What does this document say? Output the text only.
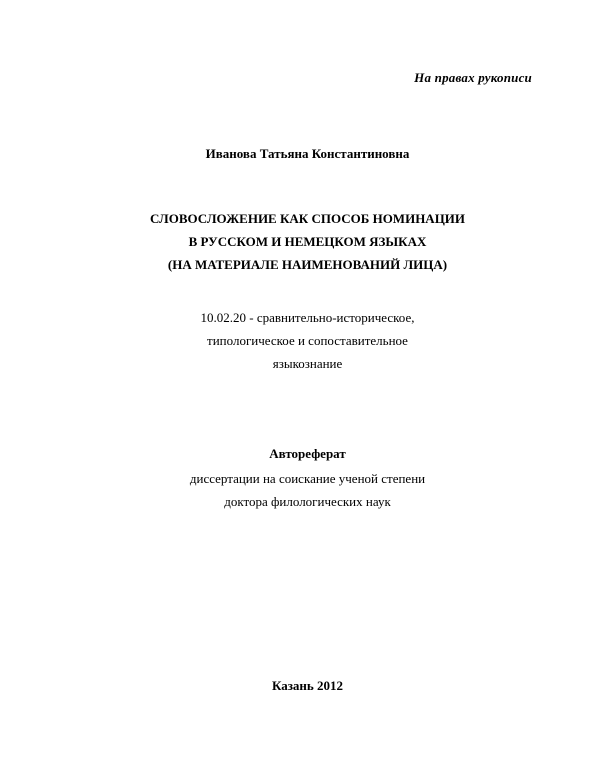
На правах рукописи
Иванова Татьяна Константиновна
СЛОВОСЛОЖЕНИЕ КАК СПОСОБ НОМИНАЦИИ
В РУССКОМ И НЕМЕЦКОМ ЯЗЫКАХ
(НА МАТЕРИАЛЕ НАИМЕНОВАНИЙ ЛИЦА)
10.02.20 - сравнительно-историческое,
типологическое и сопоставительное
языкознание
Автореферат
диссертации на соискание ученой степени
доктора филологических наук
Казань 2012
